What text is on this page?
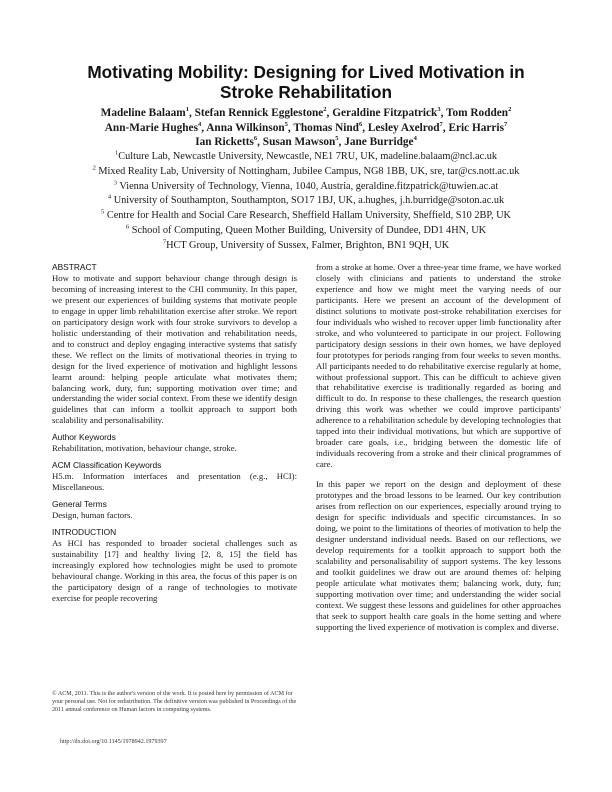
Motivating Mobility: Designing for Lived Motivation in Stroke Rehabilitation
Madeline Balaam$^1$, Stefan Rennick Egglestone$^2$, Geraldine Fitzpatrick$^3$, Tom Rodden$^2$
Ann-Marie Hughes$^4$, Anna Wilkinson$^5$, Thomas Nind$^6$, Lesley Axelrod$^7$, Eric Harris$^7$
Ian Ricketts$^6$, Susan Mawson$^5$, Jane Burridge$^4$
$^1$Culture Lab, Newcastle University, Newcastle, NE1 7RU, UK, madeline.balaam@ncl.ac.uk
$^2$ Mixed Reality Lab, University of Nottingham, Jubilee Campus, NG8 1BB, UK, sre, tar@cs.nott.ac.uk
$^3$ Vienna University of Technology, Vienna, 1040, Austria, geraldine.fitzpatrick@tuwien.ac.at
$^4$ University of Southampton, Southampton, SO17 1BJ, UK, a.hughes, j.h.burridge@soton.ac.uk
$^5$ Centre for Health and Social Care Research, Sheffield Hallam University, Sheffield, S10 2BP, UK
$^6$ School of Computing, Queen Mother Building, University of Dundee, DD1 4HN, UK
$^7$HCT Group, University of Sussex, Falmer, Brighton, BN1 9QH, UK
ABSTRACT

How to motivate and support behaviour change through design is becoming of increasing interest to the CHI community. In this paper, we present our experiences of building systems that motivate people to engage in upper limb rehabilitation exercise after stroke. We report on participatory design work with four stroke survivors to develop a holistic understanding of their motivation and rehabilitation needs, and to construct and deploy engaging interactive systems that satisfy these. We reflect on the limits of motivational theories in trying to design for the lived experience of motivation and highlight lessons learnt around: helping people articulate what motivates them; balancing work, duty, fun; supporting motivation over time; and understanding the wider social context. From these we identify design guidelines that can inform a toolkit approach to support both scalability and personalisability.

Author Keywords

Rehabilitation, motivation, behaviour change, stroke.

ACM Classification Keywords

H5.m. Information interfaces and presentation (e.g., HCI): Miscellaneous.

General Terms

Design, human factors.

INTRODUCTION

As HCI has responded to broader societal challenges such as sustainability [17] and healthy living [2, 8, 15] the field has increasingly explored how technologies might be used to promote behavioural change. Working in this area, the focus of this paper is on the participatory design of a range of technologies to motivate exercise for people recovering

© ACM, 2011. This is the author's version of the work. It is posted here by permission of ACM for your personal use. Not for redistribution. The definitive version was published in Proceedings of the 2011 annual conference on Human factors in computing systems.
http://dx.doi.org/10.1145/1978942.1979397

from a stroke at home. Over a three-year time frame, we have worked closely with clinicians and patients to understand the stroke experience and how we might meet the varying needs of our participants. Here we present an account of the development of distinct solutions to motivate post-stroke rehabilitation exercises for four individuals who wished to recover upper limb functionality after stroke, and who volunteered to participate in our project. Following participatory design sessions in their own homes, we have deployed four prototypes for periods ranging from four weeks to seven months. All participants needed to do rehabilitative exercise regularly at home, without professional support. This can be difficult to achieve given that rehabilitative exercise is traditionally regarded as boring and difficult to do. In response to these challenges, the research question driving this work was whether we could improve participants' adherence to a rehabilitation schedule by developing technologies that tapped into their individual motivations, but which are supportive of broader care goals, i.e., bridging between the domestic life of individuals recovering from a stroke and their clinical programmes of care.

In this paper we report on the design and deployment of these prototypes and the broad lessons to be learned. Our key contribution arises from reflection on our experiences, especially around trying to design for specific individuals and specific circumstances. In so doing, we point to the limitations of theories of motivation to help the designer understand individual needs. Based on our reflections, we develop requirements for a toolkit approach to support both the scalability and personalisability of support systems. The key lessons and toolkit guidelines we draw out are around themes of: helping people articulate what motivates them; balancing work, duty, fun; supporting motivation over time; and understanding the wider social context. We suggest these lessons and guidelines for other approaches that seek to support health care goals in the home setting and where supporting the lived experience of motivation is complex and diverse.
